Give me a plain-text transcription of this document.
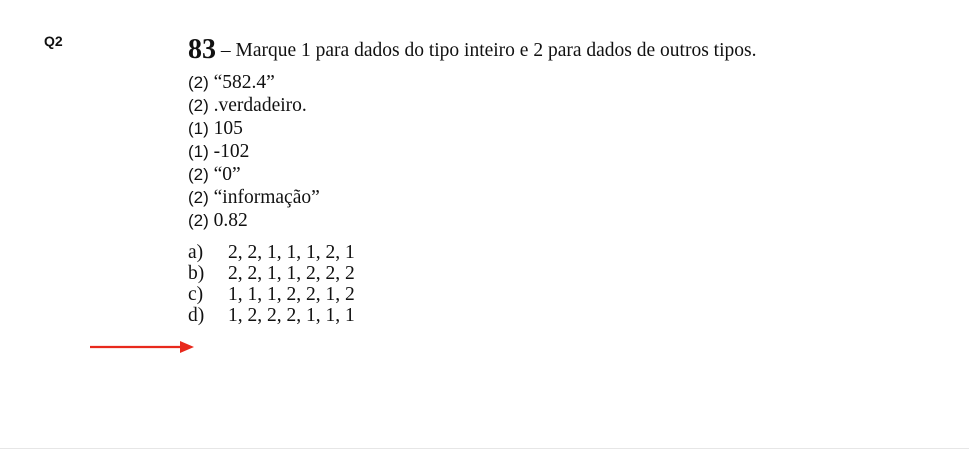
Q2	83 – Marque 1 para dados do tipo inteiro e 2 para dados de outros tipos.

(2) “582.4”
(2) .verdadeiro.
(1) 105
(1) -102
(2) “0”
(2) “informação”
(2) 0.82
a) 2, 2, 1, 1, 1, 2, 1
b) 2, 2, 1, 1, 2, 2, 2
c) 1, 1, 1, 2, 2, 1, 2
d) 1, 2, 2, 2, 1, 1, 1
